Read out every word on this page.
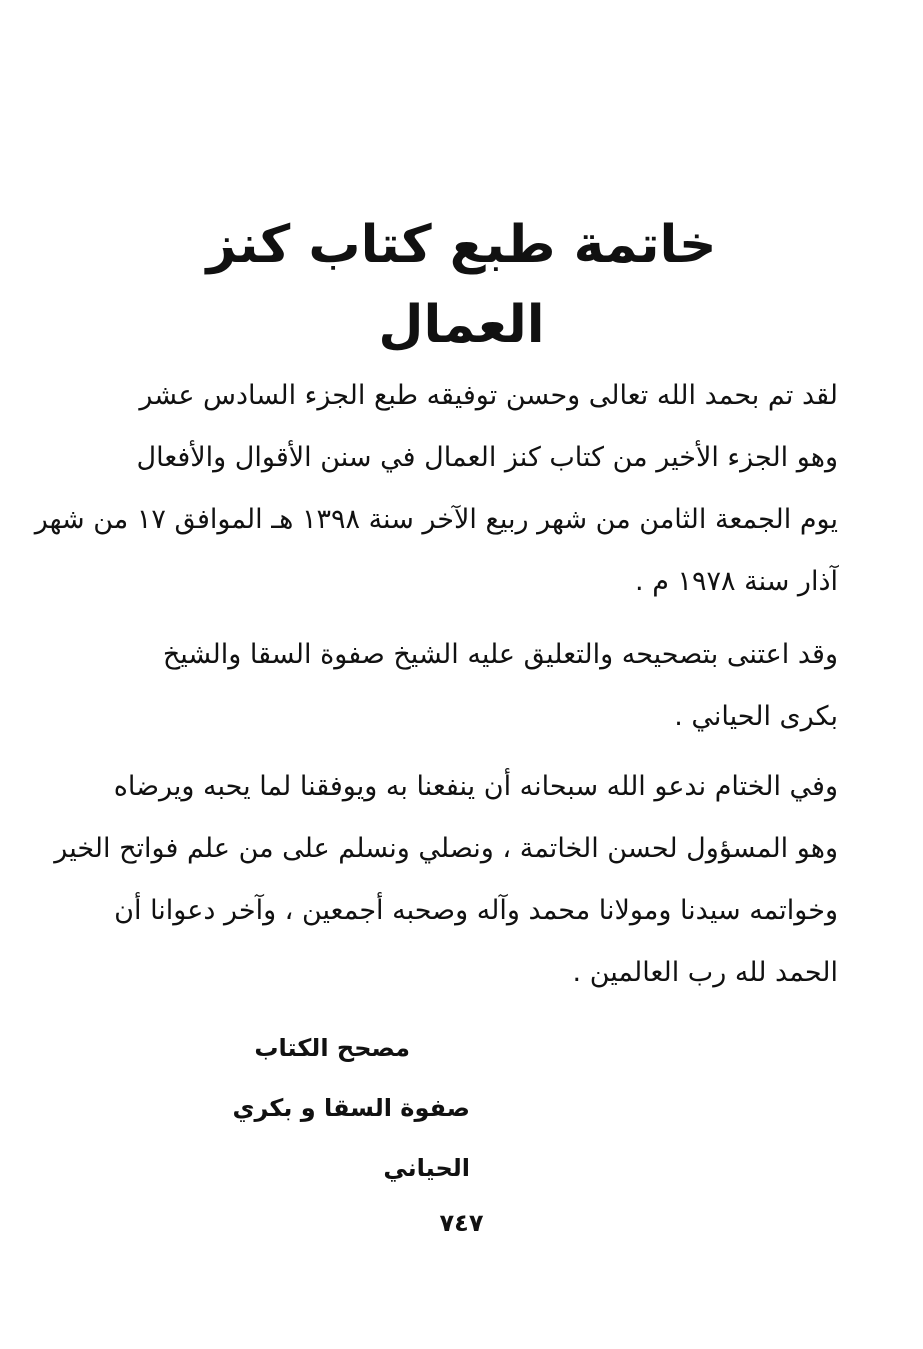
خاتمة طبع كتاب كنز العمال
لقد تم بحمد الله تعالى وحسن توفيقه طبع الجزء السادس عشر
وهو الجزء الأخير من كتاب كنز العمال في سنن الأقوال والأفعال
يوم الجمعة الثامن من شهر ربيع الآخر سنة ١٣٩٨ هـ الموافق ١٧ من شهر
آذار سنة ١٩٧٨ م .
وقد اعتنى بتصحيحه والتعليق عليه الشيخ صفوة السقا والشيخ
بكرى الحياني .
وفي الختام ندعو الله سبحانه أن ينفعنا به ويوفقنا لما يحبه ويرضاه
وهو المسؤول لحسن الخاتمة ، ونصلي ونسلم على من علم فواتح الخير
وخواتمه سيدنا ومولانا محمد وآله وصحبه أجمعين ، وآخر دعوانا أن
الحمد لله رب العالمين .
مصحح الكتاب
صفوة السقا و بكري الحياني
٧٤٧
